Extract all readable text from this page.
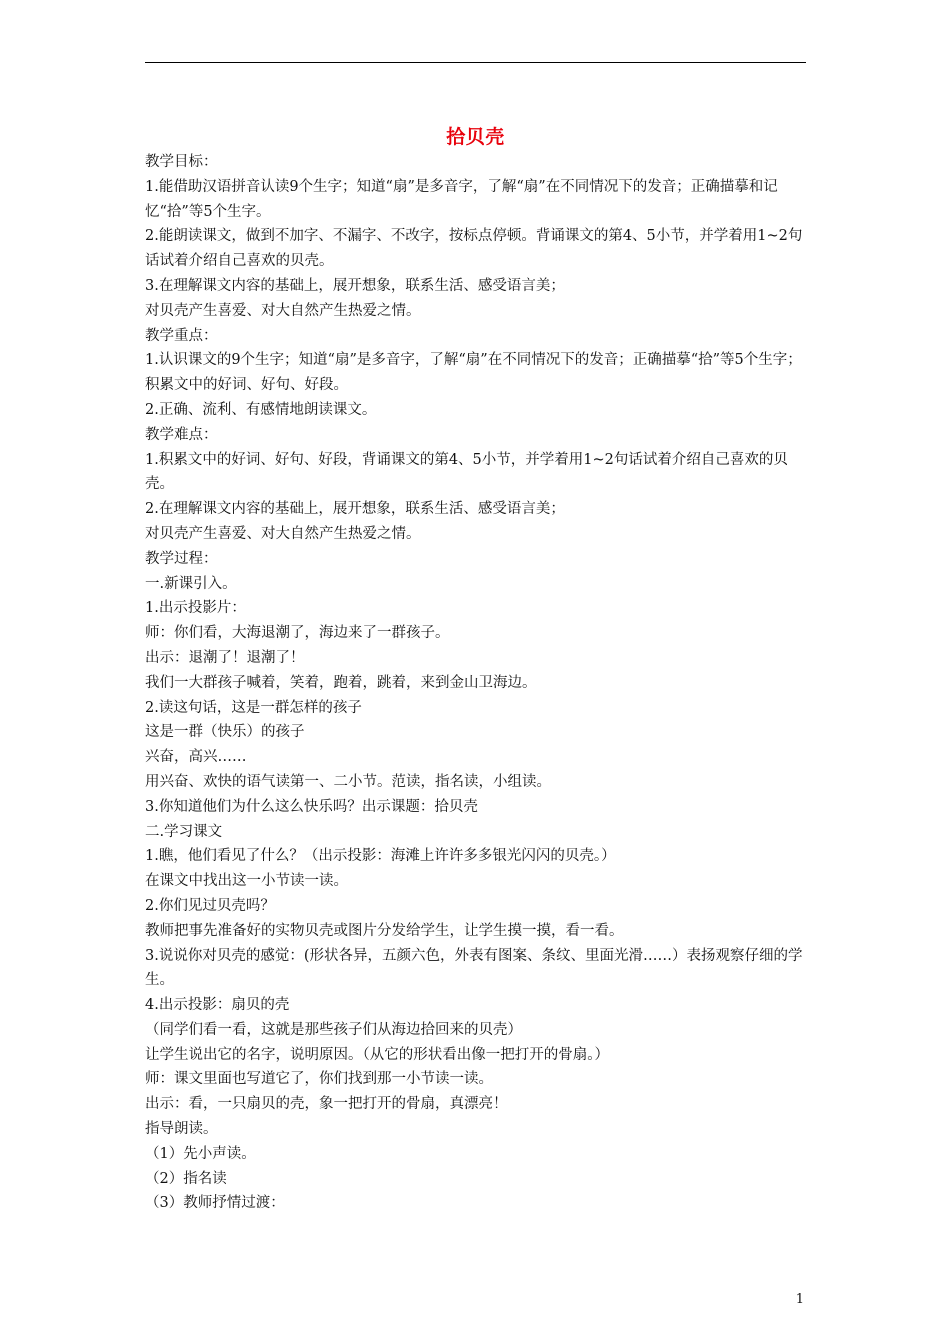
拾贝壳

教学目标：

1.能借助汉语拼音认读9个生字；知道“扇”是多音字，了解“扇”在不同情况下的发音；正确描摹和记忆“拾”等5个生字。

2.能朗读课文，做到不加字、不漏字、不改字，按标点停顿。背诵课文的第4、5小节，并学着用1~2句话试着介绍自己喜欢的贝壳。

3.在理解课文内容的基础上，展开想象，联系生活、感受语言美；

对贝壳产生喜爱、对大自然产生热爱之情。

教学重点：

1.认识课文的9个生字；知道“扇”是多音字，了解“扇”在不同情况下的发音；正确描摹“拾”等5个生字；积累文中的好词、好句、好段。

2.正确、流利、有感情地朗读课文。

教学难点：

1.积累文中的好词、好句、好段，背诵课文的第4、5小节，并学着用1~2句话试着介绍自己喜欢的贝壳。

2.在理解课文内容的基础上，展开想象，联系生活、感受语言美；

对贝壳产生喜爱、对大自然产生热爱之情。

教学过程：

一.新课引入。

1.出示投影片：

师：你们看，大海退潮了，海边来了一群孩子。

出示：退潮了！退潮了！

我们一大群孩子喊着，笑着，跑着，跳着，来到金山卫海边。

2.读这句话，这是一群怎样的孩子

这是一群（快乐）的孩子

兴奋，高兴……

用兴奋、欢快的语气读第一、二小节。范读，指名读，小组读。

3.你知道他们为什么这么快乐吗？出示课题：拾贝壳

二.学习课文

1.瞧，他们看见了什么？（出示投影：海滩上许许多多银光闪闪的贝壳。）

在课文中找出这一小节读一读。

2.你们见过贝壳吗？

教师把事先准备好的实物贝壳或图片分发给学生，让学生摸一摸，看一看。

3.说说你对贝壳的感觉：(形状各异，五颜六色，外表有图案、条纹、里面光滑……）表扬观察仔细的学生。

4.出示投影：扇贝的壳

（同学们看一看，这就是那些孩子们从海边拾回来的贝壳）

让学生说出它的名字，说明原因。（从它的形状看出像一把打开的骨扇。）

师：课文里面也写道它了，你们找到那一小节读一读。

出示：看，一只扇贝的壳，象一把打开的骨扇，真漂亮！

指导朗读。

（1）先小声读。

（2）指名读

（3）教师抒情过渡：

1
